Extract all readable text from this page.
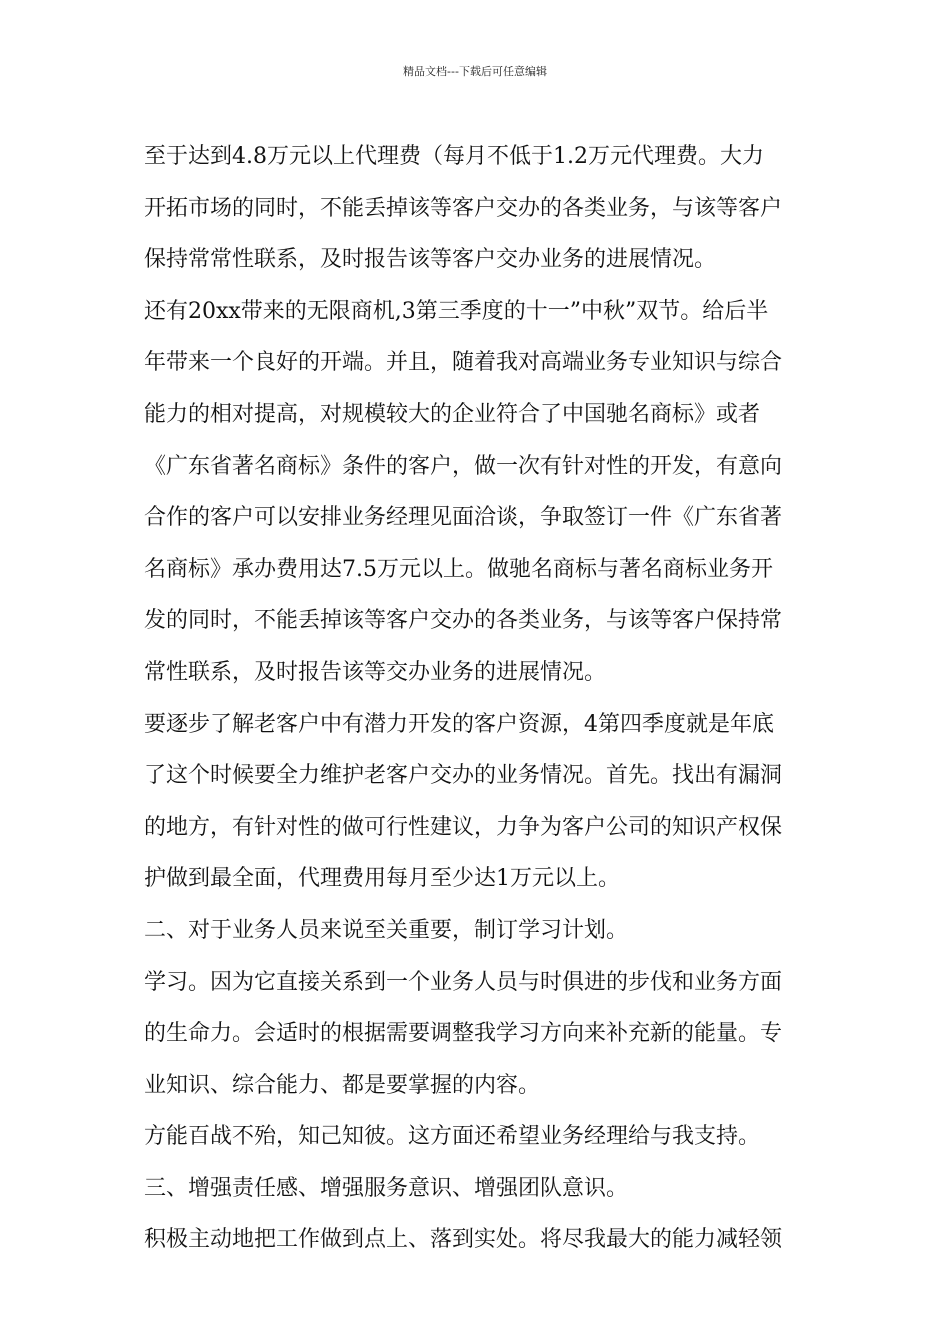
精品文档---下载后可任意编辑
至于达到4.8万元以上代理费（每月不低于1.2万元代理费。大力
开拓市场的同时，不能丢掉该等客户交办的各类业务，与该等客户
保持常常性联系，及时报告该等客户交办业务的进展情况。
还有20xx带来的无限商机,3第三季度的十一”中秋”双节。给后半
年带来一个良好的开端。并且，随着我对高端业务专业知识与综合
能力的相对提高，对规模较大的企业符合了中国驰名商标》或者
《广东省著名商标》条件的客户，做一次有针对性的开发，有意向
合作的客户可以安排业务经理见面洽谈，争取签订一件《广东省著
名商标》承办费用达7.5万元以上。做驰名商标与著名商标业务开
发的同时，不能丢掉该等客户交办的各类业务，与该等客户保持常
常性联系，及时报告该等交办业务的进展情况。
要逐步了解老客户中有潜力开发的客户资源，4第四季度就是年底
了这个时候要全力维护老客户交办的业务情况。首先。找出有漏洞
的地方，有针对性的做可行性建议，力争为客户公司的知识产权保
护做到最全面，代理费用每月至少达1万元以上。
二、对于业务人员来说至关重要，制订学习计划。
学习。因为它直接关系到一个业务人员与时俱进的步伐和业务方面
的生命力。会适时的根据需要调整我学习方向来补充新的能量。专
业知识、综合能力、都是要掌握的内容。
方能百战不殆，知己知彼。这方面还希望业务经理给与我支持。
三、增强责任感、增强服务意识、增强团队意识。
积极主动地把工作做到点上、落到实处。将尽我最大的能力减轻领
